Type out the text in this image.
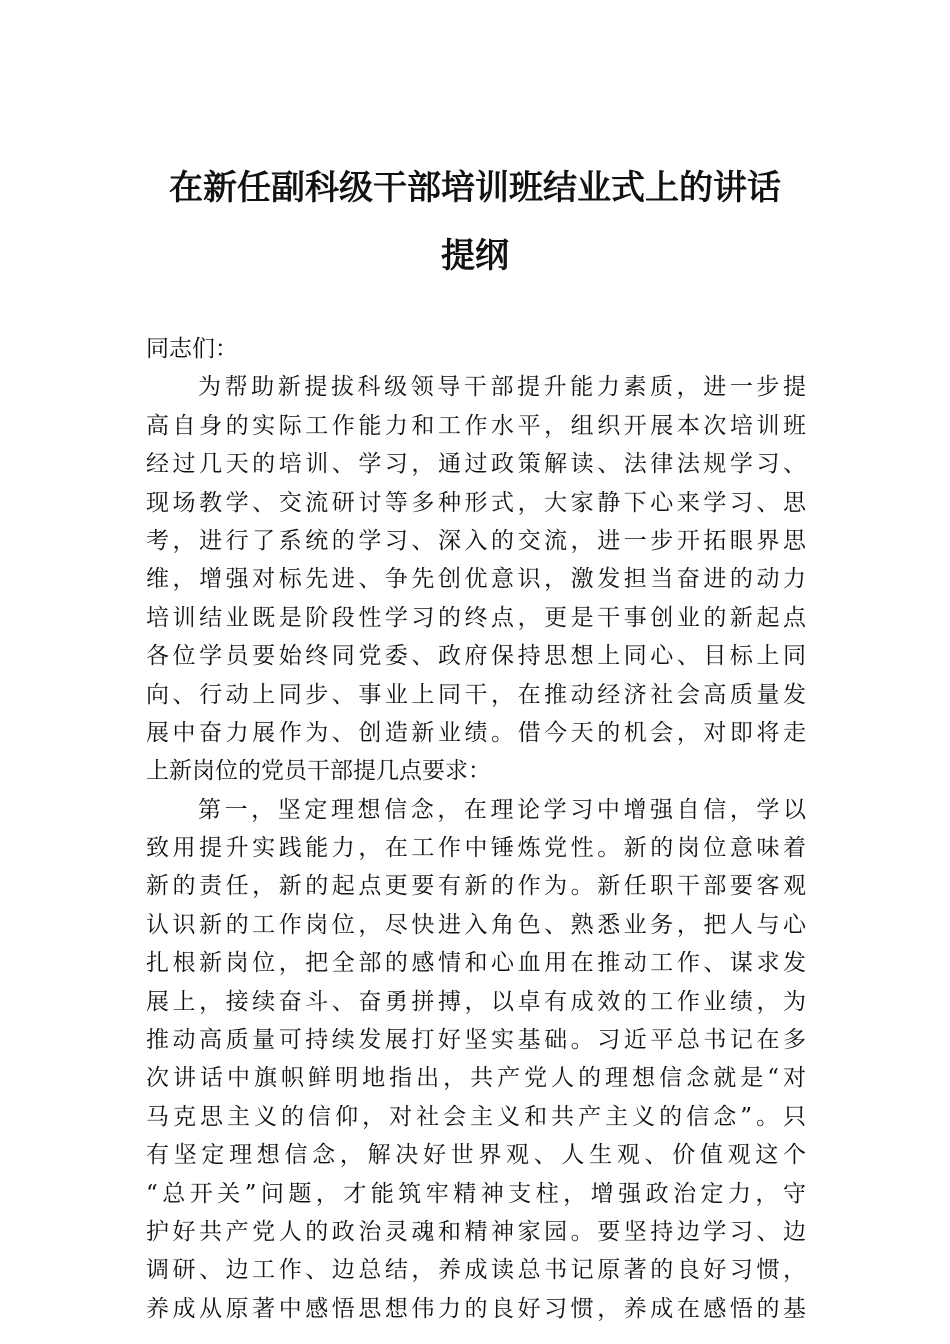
在新任副科级干部培训班结业式上的讲话
提纲
同志们：
为帮助新提拔科级领导干部提升能力素质，进一步提
高自身的实际工作能力和工作水平，组织开展本次培训班
经过几天的培训、学习，通过政策解读、法律法规学习、
现场教学、交流研讨等多种形式，大家静下心来学习、思
考，进行了系统的学习、深入的交流，进一步开拓眼界思
维，增强对标先进、争先创优意识，激发担当奋进的动力
培训结业既是阶段性学习的终点，更是干事创业的新起点
各位学员要始终同党委、政府保持思想上同心、目标上同
向、行动上同步、事业上同干，在推动经济社会高质量发
展中奋力展作为、创造新业绩。借今天的机会，对即将走
上新岗位的党员干部提几点要求：
第一，坚定理想信念，在理论学习中增强自信，学以
致用提升实践能力，在工作中锤炼党性。新的岗位意味着
新的责任，新的起点更要有新的作为。新任职干部要客观
认识新的工作岗位，尽快进入角色、熟悉业务，把人与心
扎根新岗位，把全部的感情和心血用在推动工作、谋求发
展上，接续奋斗、奋勇拼搏，以卓有成效的工作业绩，为
推动高质量可持续发展打好坚实基础。习近平总书记在多
次讲话中旗帜鲜明地指出，共产党人的理想信念就是“对
马克思主义的信仰，对社会主义和共产主义的信念”。只
有坚定理想信念，解决好世界观、人生观、价值观这个
“总开关”问题，才能筑牢精神支柱，增强政治定力，守
护好共产党人的政治灵魂和精神家园。要坚持边学习、边
调研、边工作、边总结，养成读总书记原著的良好习惯，
养成从原著中感悟思想伟力的良好习惯，养成在感悟的基
